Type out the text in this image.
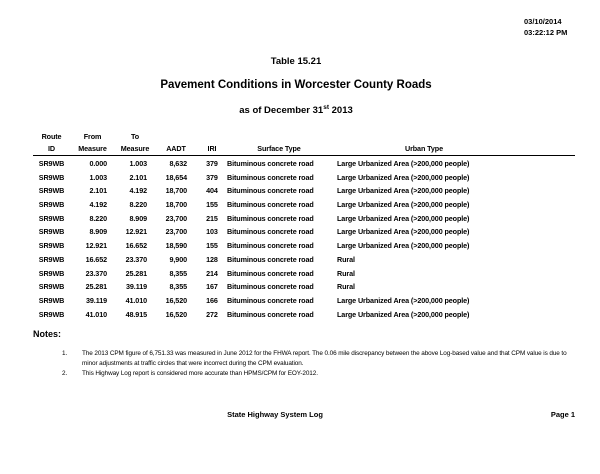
03/10/2014
03:22:12 PM
Table 15.21
Pavement Conditions in Worcester County Roads
as of December 31st 2013
Route	From	To
ID	Measure	Measure	AADT	IRI	Surface Type	Urban Type
SR9WB	0.000	1.003	8,632	379	Bituminous concrete road	Large Urbanized Area (>200,000 people)
SR9WB	1.003	2.101	18,654	379	Bituminous concrete road	Large Urbanized Area (>200,000 people)
SR9WB	2.101	4.192	18,700	404	Bituminous concrete road	Large Urbanized Area (>200,000 people)
SR9WB	4.192	8.220	18,700	155	Bituminous concrete road	Large Urbanized Area (>200,000 people)
SR9WB	8.220	8.909	23,700	215	Bituminous concrete road	Large Urbanized Area (>200,000 people)
SR9WB	8.909	12.921	23,700	103	Bituminous concrete road	Large Urbanized Area (>200,000 people)
SR9WB	12.921	16.652	18,590	155	Bituminous concrete road	Large Urbanized Area (>200,000 people)
SR9WB	16.652	23.370	9,900	128	Bituminous concrete road	Rural
SR9WB	23.370	25.281	8,355	214	Bituminous concrete road	Rural
SR9WB	25.281	39.119	8,355	167	Bituminous concrete road	Rural
SR9WB	39.119	41.010	16,520	166	Bituminous concrete road	Large Urbanized Area (>200,000 people)
SR9WB	41.010	48.915	16,520	272	Bituminous concrete road	Large Urbanized Area (>200,000 people)
Notes:
1.	The 2013 CPM figure of 6,751.33 was measured in June 2012 for the FHWA report. The 0.06 mile discrepancy between the above Log-based value and that CPM value is due to minor adjustments at traffic circles that were incorrect during the CPM evaluation.
2.	This Highway Log report is considered more accurate than HPMS/CPM for EOY-2012.
State Highway System Log	Page 1
